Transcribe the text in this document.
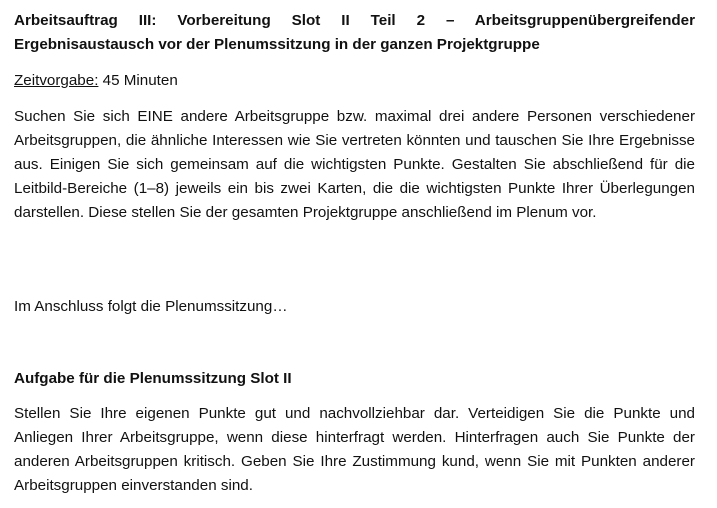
Arbeitsauftrag III: Vorbereitung Slot II Teil 2 – Arbeitsgruppenübergreifender Ergebnisaustausch vor der Plenumssitzung in der ganzen Projektgruppe

Zeitvorgabe: 45 Minuten

Suchen Sie sich EINE andere Arbeitsgruppe bzw. maximal drei andere Personen verschiedener Arbeitsgruppen, die ähnliche Interessen wie Sie vertreten könnten und tauschen Sie Ihre Ergebnisse aus. Einigen Sie sich gemeinsam auf die wichtigsten Punkte. Gestalten Sie abschließend für die Leitbild-Bereiche (1–8) jeweils ein bis zwei Karten, die die wichtigsten Punkte Ihrer Überlegungen darstellen. Diese stellen Sie der gesamten Projektgruppe anschließend im Plenum vor.

Im Anschluss folgt die Plenumssitzung…

Aufgabe für die Plenumssitzung Slot II

Stellen Sie Ihre eigenen Punkte gut und nachvollziehbar dar. Verteidigen Sie die Punkte und Anliegen Ihrer Arbeitsgruppe, wenn diese hinterfragt werden. Hinterfragen auch Sie Punkte der anderen Arbeitsgruppen kritisch. Geben Sie Ihre Zustimmung kund, wenn Sie mit Punkten anderer Arbeitsgruppen einverstanden sind.
